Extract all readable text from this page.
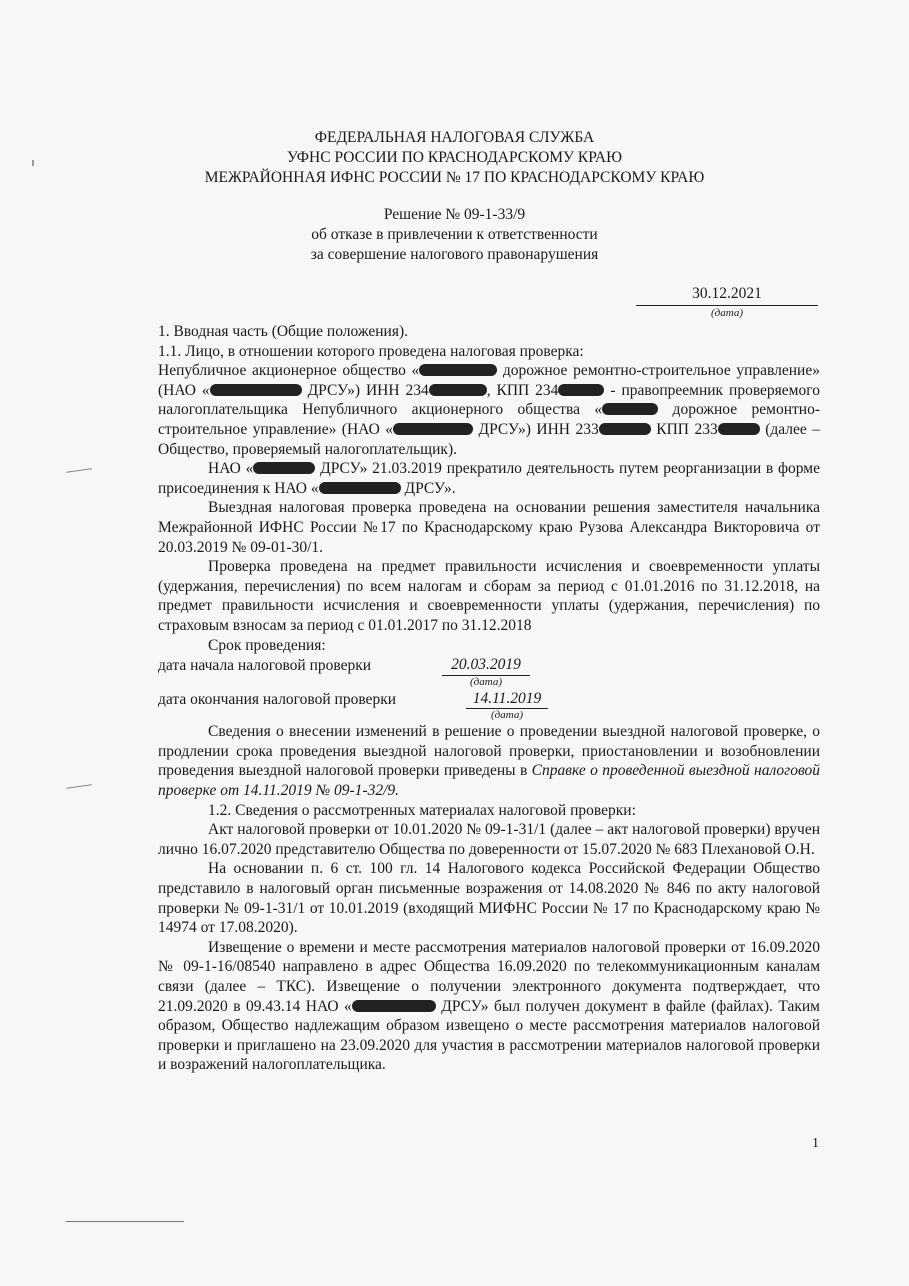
ФЕДЕРАЛЬНАЯ НАЛОГОВАЯ СЛУЖБА
УФНС РОССИИ ПО КРАСНОДАРСКОМУ КРАЮ
МЕЖРАЙОННАЯ ИФНС РОССИИ № 17 ПО КРАСНОДАРСКОМУ КРАЮ
Решение № 09-1-33/9
об отказе в привлечении к ответственности
за совершение налогового правонарушения
30.12.2021
(дата)

1. Вводная часть (Общие положения).

1.1. Лицо, в отношении которого проведена налоговая проверка:

Непубличное акционерное общество «	дорожное ремонтно-строительное управление» (НАО «	ДРСУ») ИНН 234	, КПП 234	- правопреемник проверяемого налогоплательщика Непубличного акционерного общества «	дорожное ремонтно-строительное управление» (НАО «	ДРСУ») ИНН 233	КПП 233	(далее – Общество, проверяемый налогоплательщик).

НАО «	ДРСУ» 21.03.2019 прекратило деятельность путем реорганизации в форме присоединения к НАО «	ДРСУ».

Выездная налоговая проверка проведена на основании решения заместителя начальника Межрайонной ИФНС России №17 по Краснодарскому краю Рузова Александра Викторовича от 20.03.2019 № 09-01-30/1.

Проверка проведена на предмет правильности исчисления и своевременности уплаты (удержания, перечисления) по всем налогам и сборам за период с 01.01.2016 по 31.12.2018, на предмет правильности исчисления и своевременности уплаты (удержания, перечисления) по страховым взносам за период с 01.01.2017 по 31.12.2018

Срок проведения:

дата начала налоговой проверки	20.03.2019
(дата)
дата окончания налоговой проверки	14.11.2019
(дата)

Сведения о внесении изменений в решение о проведении выездной налоговой проверке, о продлении срока проведения выездной налоговой проверки, приостановлении и возобновлении проведения выездной налоговой проверки приведены в Справке о проведенной выездной налоговой проверке от 14.11.2019 № 09-1-32/9.

1.2. Сведения о рассмотренных материалах налоговой проверки:

Акт налоговой проверки от 10.01.2020 № 09-1-31/1 (далее – акт налоговой проверки) вручен лично 16.07.2020 представителю Общества по доверенности от 15.07.2020 № 683 Плехановой О.Н.

На основании п. 6 ст. 100 гл. 14 Налогового кодекса Российской Федерации Общество представило в налоговый орган письменные возражения от 14.08.2020 № 846 по акту налоговой проверки № 09-1-31/1 от 10.01.2019 (входящий МИФНС России № 17 по Краснодарскому краю № 14974 от 17.08.2020).

Извещение о времени и месте рассмотрения материалов налоговой проверки от 16.09.2020 № 09-1-16/08540 направлено в адрес Общества 16.09.2020 по телекоммуникационным каналам связи (далее – ТКС). Извещение о получении электронного документа подтверждает, что 21.09.2020 в 09.43.14 НАО «	ДРСУ» был получен документ в файле (файлах). Таким образом, Общество надлежащим образом извещено о месте рассмотрения материалов налоговой проверки и приглашено на 23.09.2020 для участия в рассмотрении материалов налоговой проверки и возражений налогоплательщика.

1
